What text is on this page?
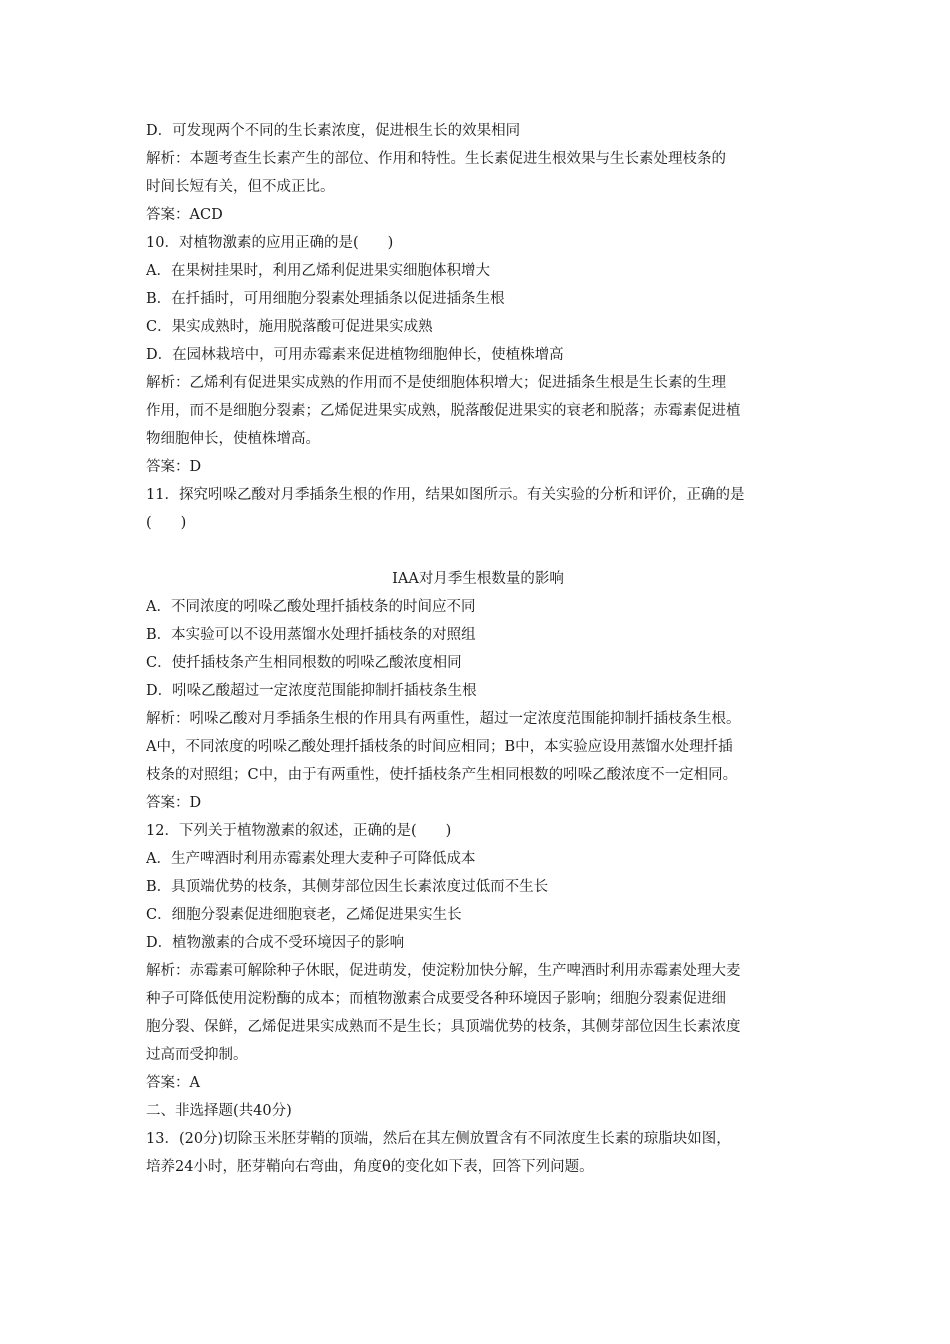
D．可发现两个不同的生长素浓度，促进根生长的效果相同
解析：本题考查生长素产生的部位、作用和特性。生长素促进生根效果与生长素处理枝条的
时间长短有关，但不成正比。
答案：ACD
10．对植物激素的应用正确的是(　　)
A．在果树挂果时，利用乙烯利促进果实细胞体积增大
B．在扦插时，可用细胞分裂素处理插条以促进插条生根
C．果实成熟时，施用脱落酸可促进果实成熟
D．在园林栽培中，可用赤霉素来促进植物细胞伸长，使植株增高
解析：乙烯利有促进果实成熟的作用而不是使细胞体积增大；促进插条生根是生长素的生理
作用，而不是细胞分裂素；乙烯促进果实成熟，脱落酸促进果实的衰老和脱落；赤霉素促进植
物细胞伸长，使植株增高。
答案：D
11．探究吲哚乙酸对月季插条生根的作用，结果如图所示。有关实验的分析和评价，正确的是
(　　)
IAA对月季生根数量的影响
A．不同浓度的吲哚乙酸处理扦插枝条的时间应不同
B．本实验可以不设用蒸馏水处理扦插枝条的对照组
C．使扦插枝条产生相同根数的吲哚乙酸浓度相同
D．吲哚乙酸超过一定浓度范围能抑制扦插枝条生根
解析：吲哚乙酸对月季插条生根的作用具有两重性，超过一定浓度范围能抑制扦插枝条生根。
A中，不同浓度的吲哚乙酸处理扦插枝条的时间应相同；B中，本实验应设用蒸馏水处理扦插
枝条的对照组；C中，由于有两重性，使扦插枝条产生相同根数的吲哚乙酸浓度不一定相同。
答案：D
12．下列关于植物激素的叙述，正确的是(　　)
A．生产啤酒时利用赤霉素处理大麦种子可降低成本
B．具顶端优势的枝条，其侧芽部位因生长素浓度过低而不生长
C．细胞分裂素促进细胞衰老，乙烯促进果实生长
D．植物激素的合成不受环境因子的影响
解析：赤霉素可解除种子休眠，促进萌发，使淀粉加快分解，生产啤酒时利用赤霉素处理大麦
种子可降低使用淀粉酶的成本；而植物激素合成要受各种环境因子影响；细胞分裂素促进细
胞分裂、保鲜，乙烯促进果实成熟而不是生长；具顶端优势的枝条，其侧芽部位因生长素浓度
过高而受抑制。
答案：A
二、非选择题(共40分)
13．(20分)切除玉米胚芽鞘的顶端，然后在其左侧放置含有不同浓度生长素的琼脂块如图，
培养24小时，胚芽鞘向右弯曲，角度θ的变化如下表，回答下列问题。
